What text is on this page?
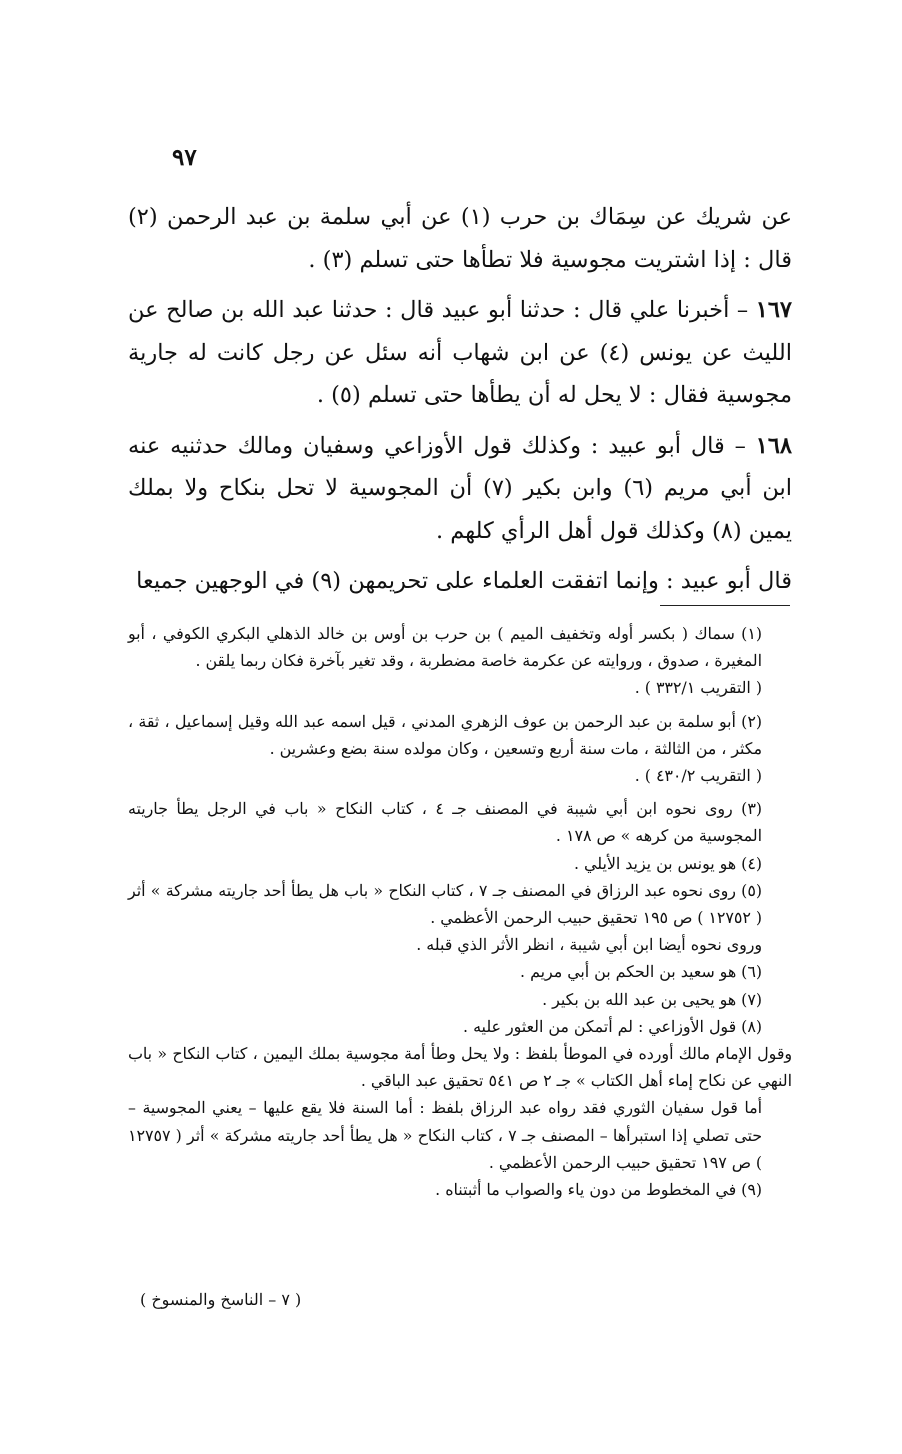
٩٧

عن شريك عن سِمَاك بن حرب (١) عن أبي سلمة بن عبد الرحمن (٢) قال : إذا اشتريت مجوسية فلا تطأها حتى تسلم (٣) .

١٦٧ – أخبرنا علي قال : حدثنا أبو عبيد قال : حدثنا عبد الله بن صالح عن الليث عن يونس (٤) عن ابن شهاب أنه سئل عن رجل كانت له جارية مجوسية فقال : لا يحل له أن يطأها حتى تسلم (٥) .

١٦٨ – قال أبو عبيد : وكذلك قول الأوزاعي وسفيان ومالك حدثنيه عنه ابن أبي مريم (٦) وابن بكير (٧) أن المجوسية لا تحل بنكاح ولا بملك يمين (٨) وكذلك قول أهل الرأي كلهم .

قال أبو عبيد : وإنما اتفقت العلماء على تحريمهن (٩) في الوجهين جميعا

(١) سماك ( بكسر أوله وتخفيف الميم ) بن حرب بن أوس بن خالد الذهلي البكري الكوفي ، أبو المغيرة ، صدوق ، وروايته عن عكرمة خاصة مضطربة ، وقد تغير بآخرة فكان ربما يلقن .

( التقريب ٣٣٢/١ ) .

(٢) أبو سلمة بن عبد الرحمن بن عوف الزهري المدني ، قيل اسمه عبد الله وقيل إسماعيل ، ثقة ، مكثر ، من الثالثة ، مات سنة أربع وتسعين ، وكان مولده سنة بضع وعشرين .

( التقريب ٤٣٠/٢ ) .

(٣) روى نحوه ابن أبي شيبة في المصنف جـ ٤ ، كتاب النكاح « باب في الرجل يطأ جاريته المجوسية من كرهه » ص ١٧٨ .

(٤) هو يونس بن يزيد الأيلي .

(٥) روى نحوه عبد الرزاق في المصنف جـ ٧ ، كتاب النكاح « باب هل يطأ أحد جاريته مشركة » أثر ( ١٢٧٥٢ ) ص ١٩٥ تحقيق حبيب الرحمن الأعظمي .

وروى نحوه أيضا ابن أبي شيبة ، انظر الأثر الذي قبله .

(٦) هو سعيد بن الحكم بن أبي مريم .

(٧) هو يحيى بن عبد الله بن بكير .

(٨) قول الأوزاعي : لم أتمكن من العثور عليه .

وقول الإمام مالك أورده في الموطأ بلفظ : ولا يحل وطأ أمة مجوسية بملك اليمين ، كتاب النكاح « باب النهي عن نكاح إماء أهل الكتاب » جـ ٢ ص ٥٤١ تحقيق عبد الباقي .

أما قول سفيان الثوري فقد رواه عبد الرزاق بلفظ : أما السنة فلا يقع عليها – يعني المجوسية – حتى تصلي إذا استبرأها – المصنف جـ ٧ ، كتاب النكاح « هل يطأ أحد جاريته مشركة » أثر ( ١٢٧٥٧ ) ص ١٩٧ تحقيق حبيب الرحمن الأعظمي .

(٩) في المخطوط من دون ياء والصواب ما أثبتناه .

( ٧ – الناسخ والمنسوخ )
